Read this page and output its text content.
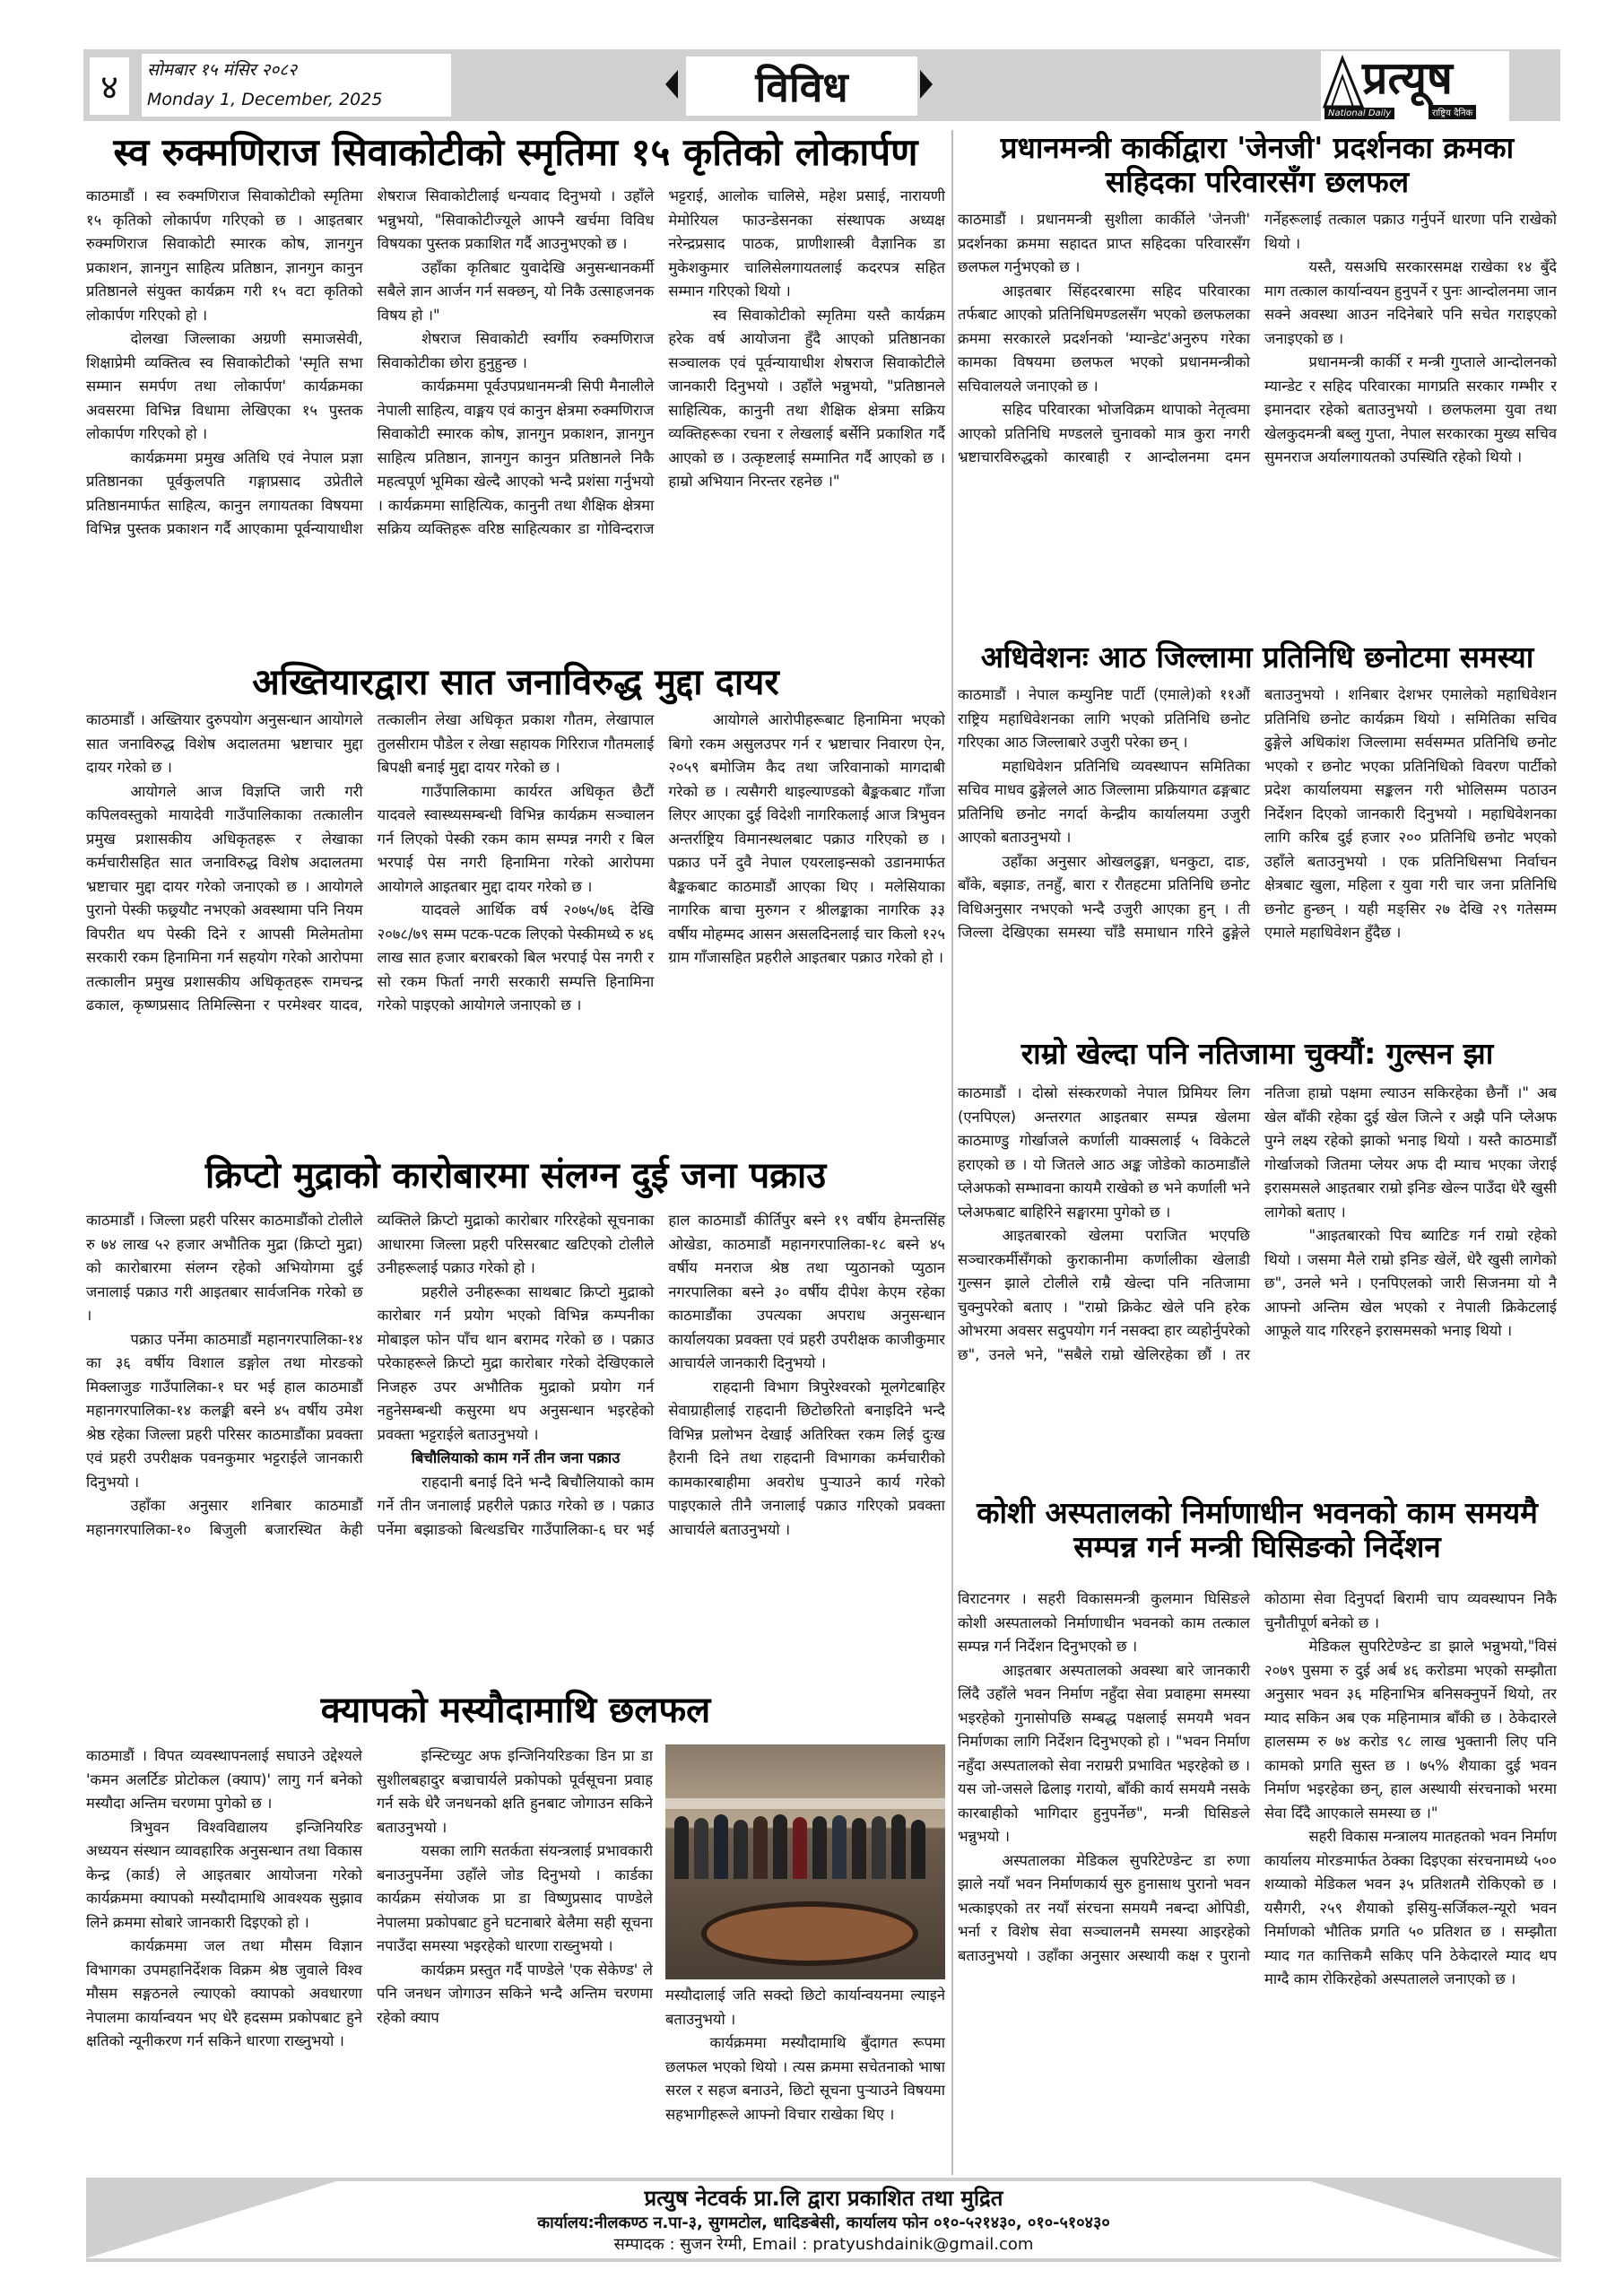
४	सोमबार १५ मंसिर २०८२
Monday 1, December, 2025	विविध	प्रत्यूष
National Daily	राष्ट्रिय दैनिक
स्व रुक्मणिराज सिवाकोटीको स्मृतिमा १५ कृतिको लोकार्पण

काठमाडौं । स्व रुक्मणिराज सिवाकोटीको स्मृतिमा १५ कृतिको लोकार्पण गरिएको छ । आइतबार रुक्मणिराज सिवाकोटी स्मारक कोष, ज्ञानगुन प्रकाशन, ज्ञानगुन साहित्य प्रतिष्ठान, ज्ञानगुन कानुन प्रतिष्ठानले संयुक्त कार्यक्रम गरी १५ वटा कृतिको लोकार्पण गरिएको हो ।

दोलखा जिल्लाका अग्रणी समाजसेवी, शिक्षाप्रेमी व्यक्तित्व स्व सिवाकोटीको 'स्मृति सभा सम्मान समर्पण तथा लोकार्पण' कार्यक्रमका अवसरमा विभिन्न विधामा लेखिएका १५ पुस्तक लोकार्पण गरिएको हो ।

कार्यक्रममा प्रमुख अतिथि एवं नेपाल प्रज्ञा प्रतिष्ठानका पूर्वकुलपति गङ्गाप्रसाद उप्रेतीले प्रतिष्ठानमार्फत साहित्य, कानुन लगायतका विषयमा विभिन्न पुस्तक प्रकाशन गर्दै आएकामा पूर्वन्यायाधीश शेषराज सिवाकोटीलाई धन्यवाद दिनुभयो । उहाँले भन्नुभयो, "सिवाकोटीज्यूले आफ्नै खर्चमा विविध विषयका पुस्तक प्रकाशित गर्दै आउनुभएको छ ।

उहाँका कृतिबाट युवादेखि अनुसन्धानकर्मी सबैले ज्ञान आर्जन गर्न सक्छन्, यो निकै उत्साहजनक विषय हो ।"

शेषराज सिवाकोटी स्वर्गीय रुक्मणिराज सिवाकोटीका छोरा हुनुहुन्छ ।

कार्यक्रममा पूर्वउपप्रधानमन्त्री सिपी मैनालीले नेपाली साहित्य, वाङ्मय एवं कानुन क्षेत्रमा रुक्मणिराज सिवाकोटी स्मारक कोष, ज्ञानगुन प्रकाशन, ज्ञानगुन साहित्य प्रतिष्ठान, ज्ञानगुन कानुन प्रतिष्ठानले निकै महत्वपूर्ण भूमिका खेल्दै आएको भन्दै प्रशंसा गर्नुभयो । कार्यक्रममा साहित्यिक, कानुनी तथा शैक्षिक क्षेत्रमा सक्रिय व्यक्तिहरू वरिष्ठ साहित्यकार डा गोविन्दराज भट्टराई, आलोक चालिसे, महेश प्रसाई, नारायणी मेमोरियल फाउन्डेसनका संस्थापक अध्यक्ष नरेन्द्रप्रसाद पाठक, प्राणीशास्त्री वैज्ञानिक डा मुकेशकुमार चालिसेलगायतलाई कदरपत्र सहित सम्मान गरिएको थियो ।

स्व सिवाकोटीको स्मृतिमा यस्तै कार्यक्रम हरेक वर्ष आयोजना हुँदै आएको प्रतिष्ठानका सञ्चालक एवं पूर्वन्यायाधीश शेषराज सिवाकोटीले जानकारी दिनुभयो । उहाँले भन्नुभयो, "प्रतिष्ठानले साहित्यिक, कानुनी तथा शैक्षिक क्षेत्रमा सक्रिय व्यक्तिहरूका रचना र लेखलाई बर्सेनि प्रकाशित गर्दै आएको छ । उत्कृष्टलाई सम्मानित गर्दै आएको छ । हाम्रो अभियान निरन्तर रहनेछ ।"

अख्तियारद्वारा सात जनाविरुद्ध मुद्दा दायर

काठमाडौं । अख्तियार दुरुपयोग अनुसन्धान आयोगले सात जनाविरुद्ध विशेष अदालतमा भ्रष्टाचार मुद्दा दायर गरेको छ ।

आयोगले आज विज्ञप्ति जारी गरी कपिलवस्तुको मायादेवी गाउँपालिकाका तत्कालीन प्रमुख प्रशासकीय अधिकृतहरू र लेखाका कर्मचारीसहित सात जनाविरुद्ध विशेष अदालतमा भ्रष्टाचार मुद्दा दायर गरेको जनाएको छ । आयोगले पुरानो पेस्की फछ्र्यौट नभएको अवस्थामा पनि नियम विपरीत थप पेस्की दिने र आपसी मिलेमतोमा सरकारी रकम हिनामिना गर्न सहयोग गरेको आरोपमा तत्कालीन प्रमुख प्रशासकीय अधिकृतहरू रामचन्द्र ढकाल, कृष्णप्रसाद तिमिल्सिना र परमेश्वर यादव, तत्कालीन लेखा अधिकृत प्रकाश गौतम, लेखापाल तुलसीराम पौडेल र लेखा सहायक गिरिराज गौतमलाई बिपक्षी बनाई मुद्दा दायर गरेको छ ।

गाउँपालिकामा कार्यरत अधिकृत छैटौं यादवले स्वास्थ्यसम्बन्धी विभिन्न कार्यक्रम सञ्चालन गर्न लिएको पेस्की रकम काम सम्पन्न नगरी र बिल भरपाई पेस नगरी हिनामिना गरेको आरोपमा आयोगले आइतबार मुद्दा दायर गरेको छ ।

यादवले आर्थिक वर्ष २०७५/७६ देखि २०७८/७९ सम्म पटक-पटक लिएको पेस्कीमध्ये रु ४६ लाख सात हजार बराबरको बिल भरपाई पेस नगरी र सो रकम फिर्ता नगरी सरकारी सम्पत्ति हिनामिना गरेको पाइएको आयोगले जनाएको छ ।

आयोगले आरोपीहरूबाट हिनामिना भएको बिगो रकम असुलउपर गर्न र भ्रष्टाचार निवारण ऐन, २०५९ बमोजिम कैद तथा जरिवानाको मागदाबी गरेको छ । त्यसैगरी थाइल्याण्डको बैङ्ककबाट गाँजा लिएर आएका दुई विदेशी नागरिकलाई आज त्रिभुवन अन्तर्राष्ट्रिय विमानस्थलबाट पक्राउ गरिएको छ । पक्राउ पर्ने दुवै नेपाल एयरलाइन्सको उडानमार्फत बैङ्ककबाट काठमाडौं आएका थिए । मलेसियाका नागरिक बाचा मुरुगन र श्रीलङ्काका नागरिक ३३ वर्षीय मोहम्मद आसन असलदिनलाई चार किलो १२५ ग्राम गाँजासहित प्रहरीले आइतबार पक्राउ गरेको हो ।

क्रिप्टो मुद्राको कारोबारमा संलग्न दुई जना पक्राउ

काठमाडौं । जिल्ला प्रहरी परिसर काठमाडौंको टोलीले रु ७४ लाख ५२ हजार अभौतिक मुद्रा (क्रिप्टो मुद्रा) को कारोबारमा संलग्न रहेको अभियोगमा दुई जनालाई पक्राउ गरी आइतबार सार्वजनिक गरेको छ ।

पक्राउ पर्नेमा काठमाडौं महानगरपालिका-१४ का ३६ वर्षीय विशाल डङ्गोल तथा मोरङको मिक्लाजुङ गाउँपालिका-१ घर भई हाल काठमाडौं महानगरपालिका-१४ कलङ्की बस्ने ४५ वर्षीय उमेश श्रेष्ठ रहेका जिल्ला प्रहरी परिसर काठमाडौंका प्रवक्ता एवं प्रहरी उपरीक्षक पवनकुमार भट्टराईले जानकारी दिनुभयो ।

उहाँका अनुसार शनिबार काठमाडौं महानगरपालिका-१० बिजुली बजारस्थित केही व्यक्तिले क्रिप्टो मुद्राको कारोबार गरिरहेको सूचनाका आधारमा जिल्ला प्रहरी परिसरबाट खटिएको टोलीले उनीहरूलाई पक्राउ गरेको हो ।

प्रहरीले उनीहरूका साथबाट क्रिप्टो मुद्राको कारोबार गर्न प्रयोग भएको विभिन्न कम्पनीका मोबाइल फोन पाँच थान बरामद गरेको छ । पक्राउ परेकाहरूले क्रिप्टो मुद्रा कारोबार गरेको देखिएकाले निजहरु उपर अभौतिक मुद्राको प्रयोग गर्न नहुनेसम्बन्धी कसुरमा थप अनुसन्धान भइरहेको प्रवक्ता भट्टराईले बताउनुभयो ।

बिचौलियाको काम गर्ने तीन जना पक्राउ

राहदानी बनाई दिने भन्दै बिचौलियाको काम गर्ने तीन जनालाई प्रहरीले पक्राउ गरेको छ । पक्राउ पर्नेमा बझाङको बित्थडचिर गाउँपालिका-६ घर भई हाल काठमाडौं कीर्तिपुर बस्ने १९ वर्षीय हेमन्तसिंह ओखेडा, काठमाडौं महानगरपालिका-१८ बस्ने ४५ वर्षीय मनराज श्रेष्ठ तथा प्युठानको प्युठान नगरपालिका बस्ने ३० वर्षीय दीपेश केएम रहेका काठमाडौंका उपत्यका अपराध अनुसन्धान कार्यालयका प्रवक्ता एवं प्रहरी उपरीक्षक काजीकुमार आचार्यले जानकारी दिनुभयो ।

राहदानी विभाग त्रिपुरेश्वरको मूलगेटबाहिर सेवाग्राहीलाई राहदानी छिटोछरितो बनाइदिने भन्दै विभिन्न प्रलोभन देखाई अतिरिक्त रकम लिई दुःख हैरानी दिने तथा राहदानी विभागका कर्मचारीको कामकारबाहीमा अवरोध पुर्‍याउने कार्य गरेको पाइएकाले तीनै जनालाई पक्राउ गरिएको प्रवक्ता आचार्यले बताउनुभयो ।

क्यापको मस्यौदामाथि छलफल

काठमाडौं । विपत व्यवस्थापनलाई सघाउने उद्देश्यले 'कमन अलर्टिङ प्रोटोकल (क्याप)' लागु गर्न बनेको मस्यौदा अन्तिम चरणमा पुगेको छ ।

त्रिभुवन विश्वविद्यालय इन्जिनियरिङ अध्ययन संस्थान व्यावहारिक अनुसन्धान तथा विकास केन्द्र (कार्ड) ले आइतबार आयोजना गरेको कार्यक्रममा क्यापको मस्यौदामाथि आवश्यक सुझाव लिने क्रममा सोबारे जानकारी दिइएको हो ।

कार्यक्रममा जल तथा मौसम विज्ञान विभागका उपमहानिर्देशक विक्रम श्रेष्ठ जुवाले विश्व मौसम सङ्गठनले ल्याएको क्यापको अवधारणा नेपालमा कार्यान्वयन भए धेरै हदसम्म प्रकोपबाट हुने क्षतिको न्यूनीकरण गर्न सकिने धारणा राख्नुभयो ।

इन्स्टिच्युट अफ इन्जिनियरिङका डिन प्रा डा सुशीलबहादुर बज्राचार्यले प्रकोपको पूर्वसूचना प्रवाह गर्न सके धेरै जनधनको क्षति हुनबाट जोगाउन सकिने बताउनुभयो ।

यसका लागि सतर्कता संयन्त्रलाई प्रभावकारी बनाउनुपर्नेमा उहाँले जोड दिनुभयो । कार्डका कार्यक्रम संयोजक प्रा डा विष्णुप्रसाद पाण्डेले नेपालमा प्रकोपबाट हुने घटनाबारे बेलैमा सही सूचना नपाउँदा समस्या भइरहेको धारणा राख्नुभयो ।

कार्यक्रम प्रस्तुत गर्दै पाण्डेले 'एक सेकेण्ड' ले पनि जनधन जोगाउन सकिने भन्दै अन्तिम चरणमा रहेको क्याप

मस्यौदालाई जति सक्दो छिटो कार्यान्वयनमा ल्याइने बताउनुभयो ।

कार्यक्रममा मस्यौदामाथि बुँदागत रूपमा छलफल भएको थियो । त्यस क्रममा सचेतनाको भाषा सरल र सहज बनाउने, छिटो सूचना पुर्‍याउने विषयमा सहभागीहरूले आफ्नो विचार राखेका थिए ।

प्रधानमन्त्री कार्कीद्वारा 'जेनजी' प्रदर्शनका क्रमका सहिदका परिवारसँग छलफल

काठमाडौं । प्रधानमन्त्री सुशीला कार्कीले 'जेनजी' प्रदर्शनका क्रममा सहादत प्राप्त सहिदका परिवारसँग छलफल गर्नुभएको छ ।

आइतबार सिंहदरबारमा सहिद परिवारका तर्फबाट आएको प्रतिनिधिमण्डलसँग भएको छलफलका क्रममा सरकारले प्रदर्शनको 'म्यान्डेट'अनुरुप गरेका कामका विषयमा छलफल भएको प्रधानमन्त्रीको सचिवालयले जनाएको छ ।

सहिद परिवारका भोजविक्रम थापाको नेतृत्वमा आएको प्रतिनिधि मण्डलले चुनावको मात्र कुरा नगरी भ्रष्टाचारविरुद्धको कारबाही र आन्दोलनमा दमन गर्नेहरूलाई तत्काल पक्राउ गर्नुपर्ने धारणा पनि राखेको थियो ।

यस्तै, यसअघि सरकारसमक्ष राखेका १४ बुँदे माग तत्काल कार्यान्वयन हुनुपर्ने र पुनः आन्दोलनमा जान सक्ने अवस्था आउन नदिनेबारे पनि सचेत गराइएको जनाइएको छ ।

प्रधानमन्त्री कार्की र मन्त्री गुप्ताले आन्दोलनको म्यान्डेट र सहिद परिवारका मागप्रति सरकार गम्भीर र इमानदार रहेको बताउनुभयो । छलफलमा युवा तथा खेलकुदमन्त्री बब्लु गुप्ता, नेपाल सरकारका मुख्य सचिव सुमनराज अर्यालगायतको उपस्थिति रहेको थियो ।

अधिवेशनः आठ जिल्लामा प्रतिनिधि छनोटमा समस्या

काठमाडौं । नेपाल कम्युनिष्ट पार्टी (एमाले)को ११औं राष्ट्रिय महाधिवेशनका लागि भएको प्रतिनिधि छनोट गरिएका आठ जिल्लाबारे उजुरी परेका छन् ।

महाधिवेशन प्रतिनिधि व्यवस्थापन समितिका सचिव माधव ढुङ्गेलले आठ जिल्लामा प्रक्रियागत ढङ्गबाट प्रतिनिधि छनोट नगर्दा केन्द्रीय कार्यालयमा उजुरी आएको बताउनुभयो ।

उहाँका अनुसार ओखलढुङ्गा, धनकुटा, दाङ, बाँके, बझाङ, तनहुँ, बारा र रौतहटमा प्रतिनिधि छनोट विधिअनुसार नभएको भन्दै उजुरी आएका हुन् । ती जिल्ला देखिएका समस्या चाँडै समाधान गरिने ढुङ्गेले बताउनुभयो । शनिबार देशभर एमालेको महाधिवेशन प्रतिनिधि छनोट कार्यक्रम थियो । समितिका सचिव ढुङ्गेले अधिकांश जिल्लामा सर्वसम्मत प्रतिनिधि छनोट भएको र छनोट भएका प्रतिनिधिको विवरण पार्टीको प्रदेश कार्यालयमा सङ्कलन गरी भोलिसम्म पठाउन निर्देशन दिएको जानकारी दिनुभयो । महाधिवेशनका लागि करिब दुई हजार २०० प्रतिनिधि छनोट भएको उहाँले बताउनुभयो । एक प्रतिनिधिसभा निर्वाचन क्षेत्रबाट खुला, महिला र युवा गरी चार जना प्रतिनिधि छनोट हुन्छन् । यही मङ्सिर २७ देखि २९ गतेसम्म एमाले महाधिवेशन हुँदैछ ।

राम्रो खेल्दा पनि नतिजामा चुक्यौं: गुल्सन झा

काठमाडौं । दोस्रो संस्करणको नेपाल प्रिमियर लिग (एनपिएल) अन्तरगत आइतबार सम्पन्न खेलमा काठमाण्डु गोर्खाजले कर्णाली याक्सलाई ५ विकेटले हराएको छ । यो जितले आठ अङ्क जोडेको काठमाडौंले प्लेअफको सम्भावना कायमै राखेको छ भने कर्णाली भने प्लेअफबाट बाहिरिने सङ्घारमा पुगेको छ ।

आइतबारको खेलमा पराजित भएपछि सञ्चारकर्मीसँगको कुराकानीमा कर्णालीका खेलाडी गुल्सन झाले टोलीले राम्रै खेल्दा पनि नतिजामा चुक्नुपरेको बताए । "राम्रो क्रिकेट खेले पनि हरेक ओभरमा अवसर सदुपयोग गर्न नसक्दा हार व्यहोर्नुपरेको छ", उनले भने, "सबैले राम्रो खेलिरहेका छौं । तर नतिजा हाम्रो पक्षमा ल्याउन सकिरहेका छैनौं ।" अब खेल बाँकी रहेका दुई खेल जित्ने र अझै पनि प्लेअफ पुग्ने लक्ष्य रहेको झाको भनाइ थियो । यस्तै काठमाडौं गोर्खाजको जितमा प्लेयर अफ दी म्याच भएका जेराई इरासमसले आइतबार राम्रो इनिङ खेल्न पाउँदा धेरै खुसी लागेको बताए ।

"आइतबारको पिच ब्याटिङ गर्न राम्रो रहेको थियो । जसमा मैले राम्रो इनिङ खेलें, धेरै खुसी लागेको छ", उनले भने । एनपिएलको जारी सिजनमा यो नै आफ्नो अन्तिम खेल भएको र नेपाली क्रिकेटलाई आफूले याद गरिरहने इरासमसको भनाइ थियो ।

कोशी अस्पतालको निर्माणाधीन भवनको काम समयमै सम्पन्न गर्न मन्त्री घिसिङको निर्देशन

विराटनगर । सहरी विकासमन्त्री कुलमान घिसिङले कोशी अस्पतालको निर्माणाधीन भवनको काम तत्काल सम्पन्न गर्न निर्देशन दिनुभएको छ ।

आइतबार अस्पतालको अवस्था बारे जानकारी लिंदै उहाँले भवन निर्माण नहुँदा सेवा प्रवाहमा समस्या भइरहेको गुनासोपछि सम्बद्ध पक्षलाई समयमै भवन निर्माणका लागि निर्देशन दिनुभएको हो । "भवन निर्माण नहुँदा अस्पतालको सेवा नराम्ररी प्रभावित भइरहेको छ । यस जो-जसले ढिलाइ गरायो, बाँकी कार्य समयमै नसके कारबाहीको भागिदार हुनुपर्नेछ", मन्त्री घिसिङले भन्नुभयो ।

अस्पतालका मेडिकल सुपरिटेण्डेन्ट डा रुणा झाले नयाँ भवन निर्माणकार्य सुरु हुनासाथ पुरानो भवन भत्काइएको तर नयाँ संरचना समयमै नबन्दा ओपिडी, भर्ना र विशेष सेवा सञ्चालनमै समस्या आइरहेको बताउनुभयो । उहाँका अनुसार अस्थायी कक्ष र पुरानो कोठामा सेवा दिनुपर्दा बिरामी चाप व्यवस्थापन निकै चुनौतीपूर्ण बनेको छ ।

मेडिकल सुपरिटेण्डेन्ट डा झाले भन्नुभयो,"विसं २०७९ पुसमा रु दुई अर्ब ४६ करोडमा भएको सम्झौता अनुसार भवन ३६ महिनाभित्र बनिसक्नुपर्ने थियो, तर म्याद सकिन अब एक महिनामात्र बाँकी छ । ठेकेदारले हालसम्म रु ७४ करोड ९८ लाख भुक्तानी लिए पनि कामको प्रगति सुस्त छ । ७५% शैयाका दुई भवन निर्माण भइरहेका छन्, हाल अस्थायी संरचनाको भरमा सेवा दिँदै आएकाले समस्या छ ।"

सहरी विकास मन्त्रालय मातहतको भवन निर्माण कार्यालय मोरङमार्फत ठेक्का दिइएका संरचनामध्ये ५०० शय्याको मेडिकल भवन ३५ प्रतिशतमै रोकिएको छ । यसैगरी, २५९ शैयाको इसियु-सर्जिकल-न्यूरो भवन निर्माणको भौतिक प्रगति ५० प्रतिशत छ । सम्झौता म्याद गत कात्तिकमै सकिए पनि ठेकेदारले म्याद थप माग्दै काम रोकिरहेको अस्पतालले जनाएको छ ।

प्रत्युष नेटवर्क प्रा.लि द्वारा प्रकाशित तथा मुद्रित
कार्यालय:नीलकण्ठ न.पा-३, सुगमटोल, धादिङबेसी, कार्यालय फोन ०१०-५२१४३०, ०१०-५१०४३०
सम्पादक : सुजन रेग्मी, Email : pratyushdainik@gmail.com
